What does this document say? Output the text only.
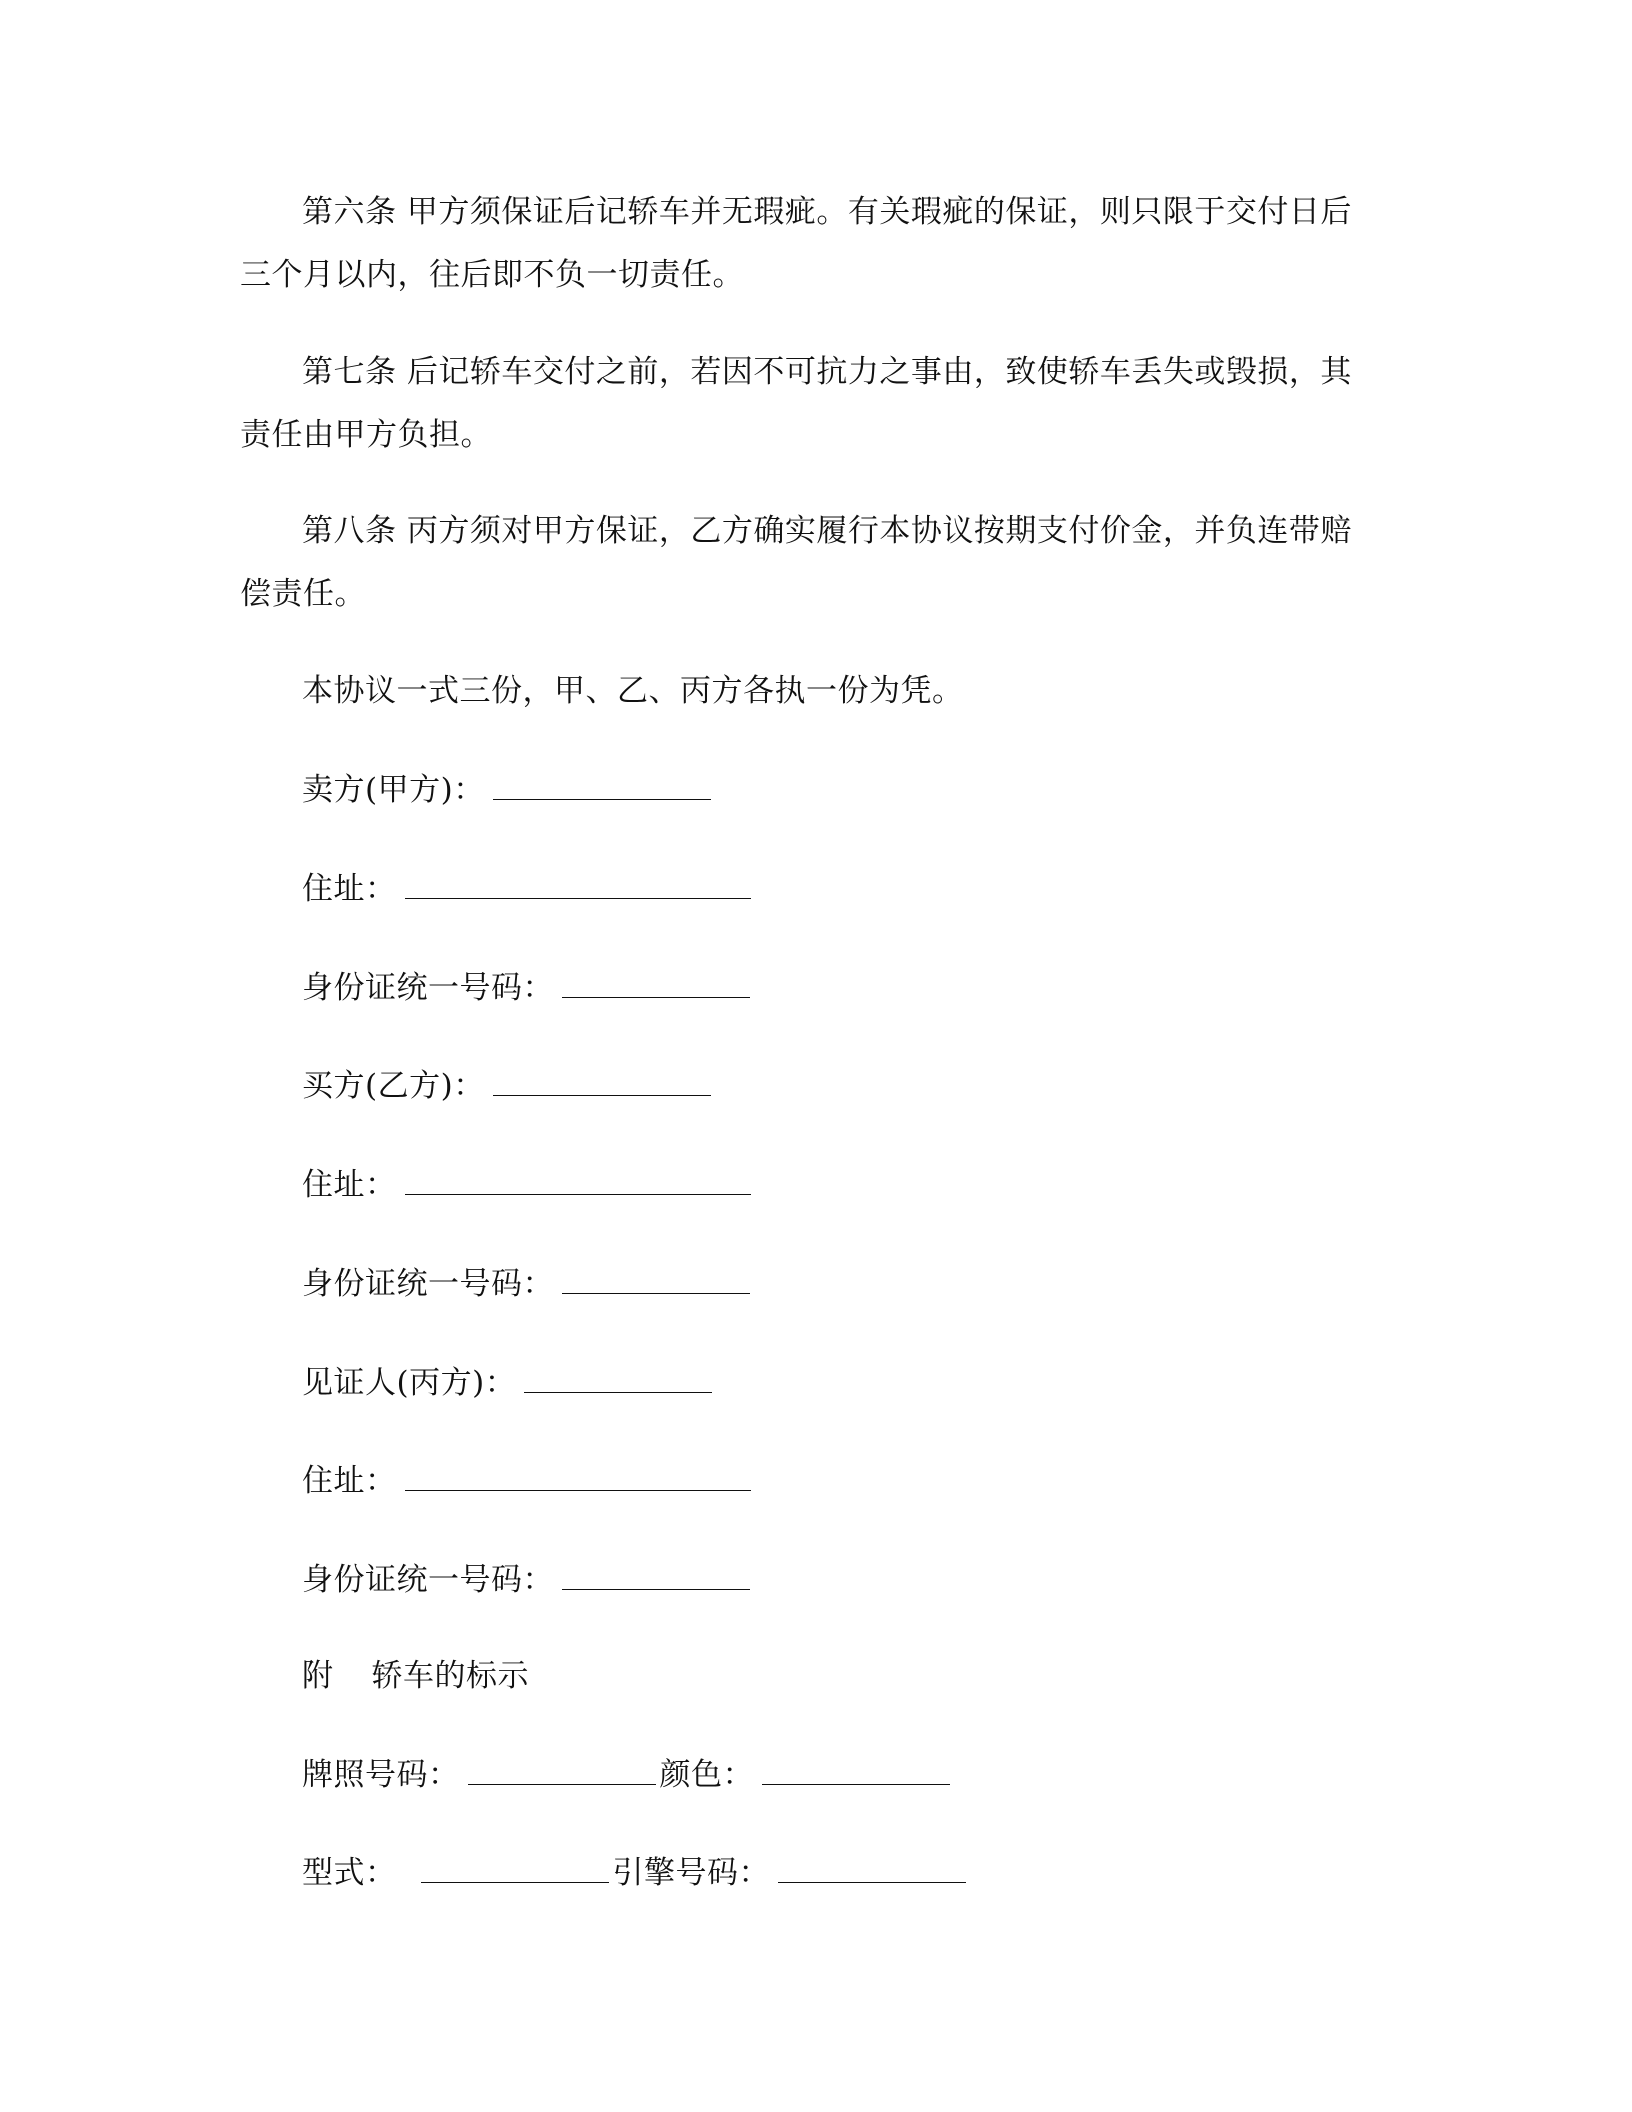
第六条 甲方须保证后记轿车并无瑕疵。有关瑕疵的保证，则只限于交付日后
三个月以内，往后即不负一切责任。
第七条 后记轿车交付之前，若因不可抗力之事由，致使轿车丢失或毁损，其
责任由甲方负担。
第八条 丙方须对甲方保证，乙方确实履行本协议按期支付价金，并负连带赔
偿责任。
本协议一式三份，甲、乙、丙方各执一份为凭。
卖方(甲方)：
住址：
身份证统一号码：
买方(乙方)：
住址：
身份证统一号码：
见证人(丙方)：
住址：
身份证统一号码：
附 轿车的标示
牌照号码：	颜色：
型式：	引擎号码：
